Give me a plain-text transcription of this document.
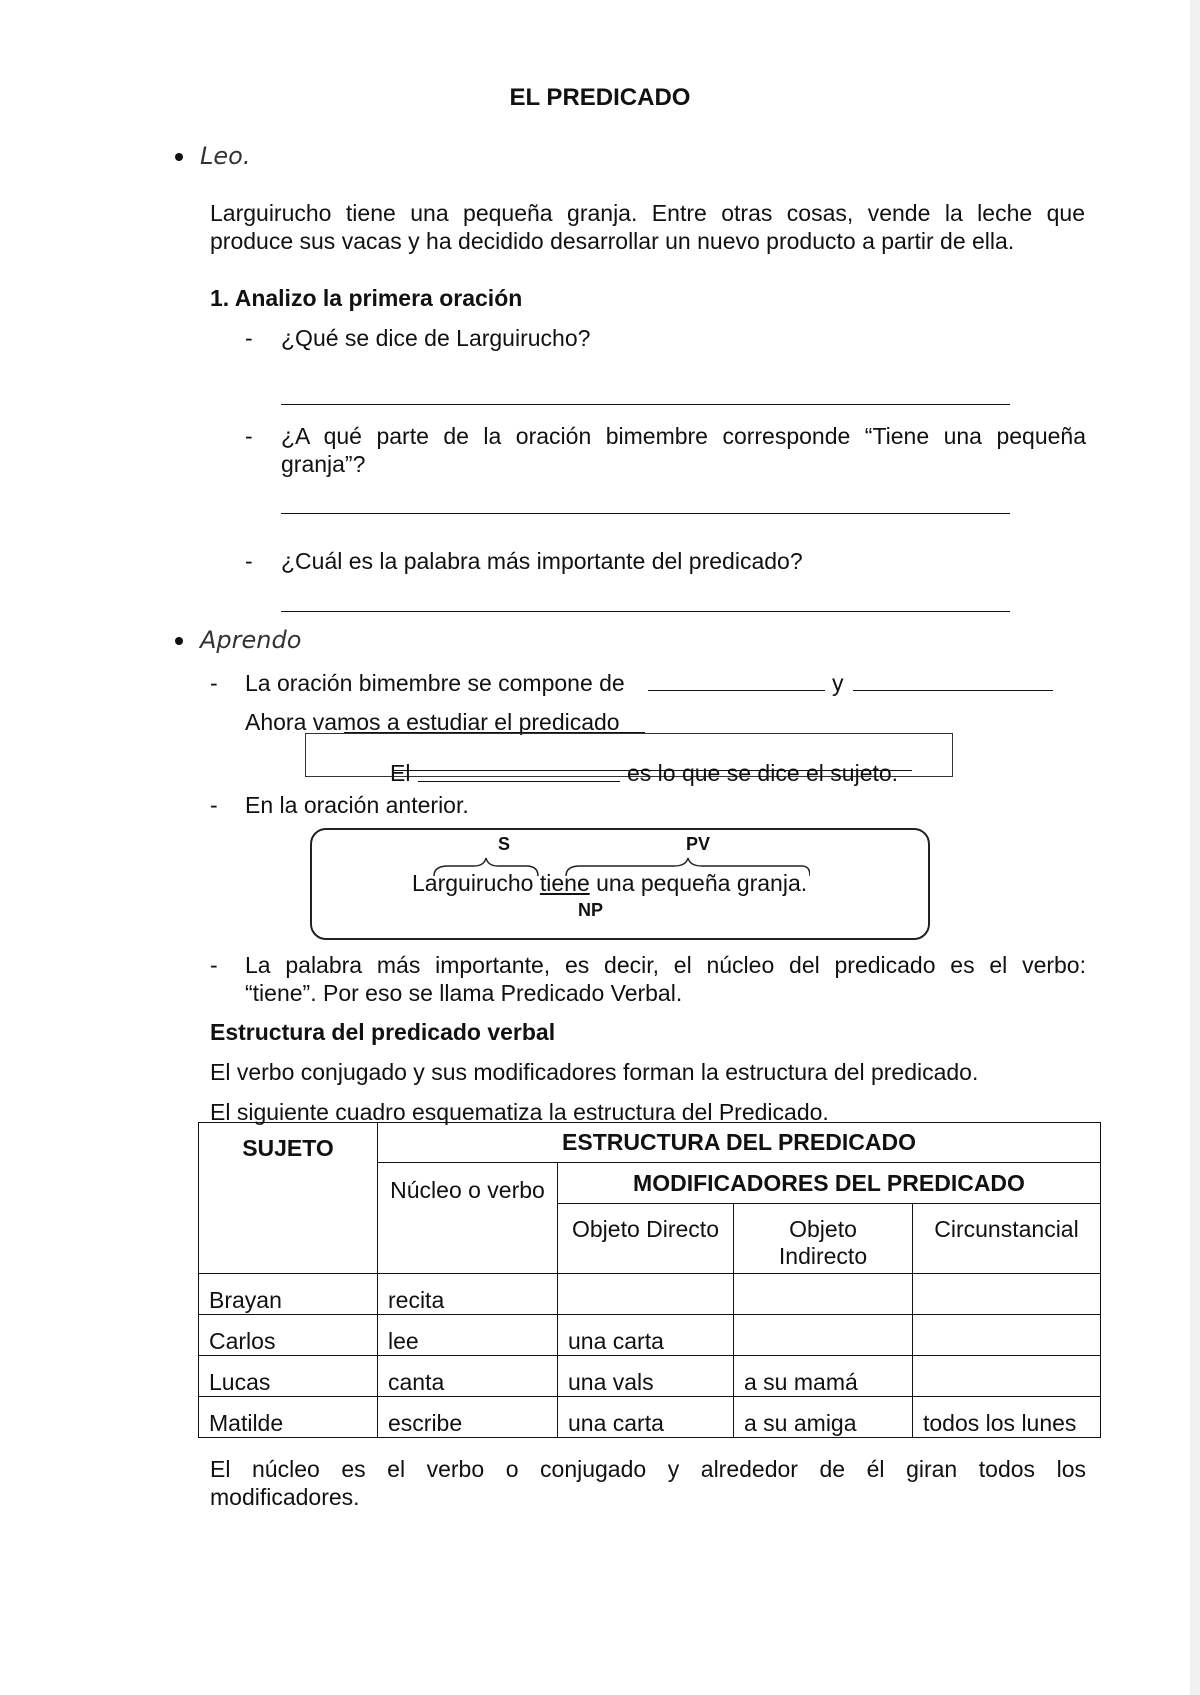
EL PREDICADO
Leo.
Larguirucho tiene una pequeña granja. Entre otras cosas, vende la leche que
produce sus vacas y ha decidido desarrollar un nuevo producto a partir de ella.
1. Analizo la primera oración
- ¿Qué se dice de Larguirucho?
- ¿A qué parte de la oración bimembre corresponde “Tiene una pequeña
granja”?
- ¿Cuál es la palabra más importante del predicado?
Aprendo
- La oración bimembre se compone de	y
Ahora vamos a estudiar el predicado
El	es lo que se dice el sujeto.
- En la oración anterior.
S	PV
Larguirucho tiene una pequeña granja.
NP
- La palabra más importante, es decir, el núcleo del predicado es el verbo:
“tiene”. Por eso se llama Predicado Verbal.
Estructura del predicado verbal
El verbo conjugado y sus modificadores forman la estructura del predicado.
El siguiente cuadro esquematiza la estructura del Predicado.
SUJETO	ESTRUCTURA DEL PREDICADO			
	Núcleo o verbo	MODIFICADORES DEL PREDICADO		
		Objeto Directo	Objeto Indirecto	Circunstancial
Brayan	recita			
Carlos	lee	una carta		
Lucas	canta	una vals	a su mamá	
Matilde	escribe	una carta	a su amiga	todos los lunes
El núcleo es el verbo o conjugado y alrededor de él giran todos los
modificadores.
